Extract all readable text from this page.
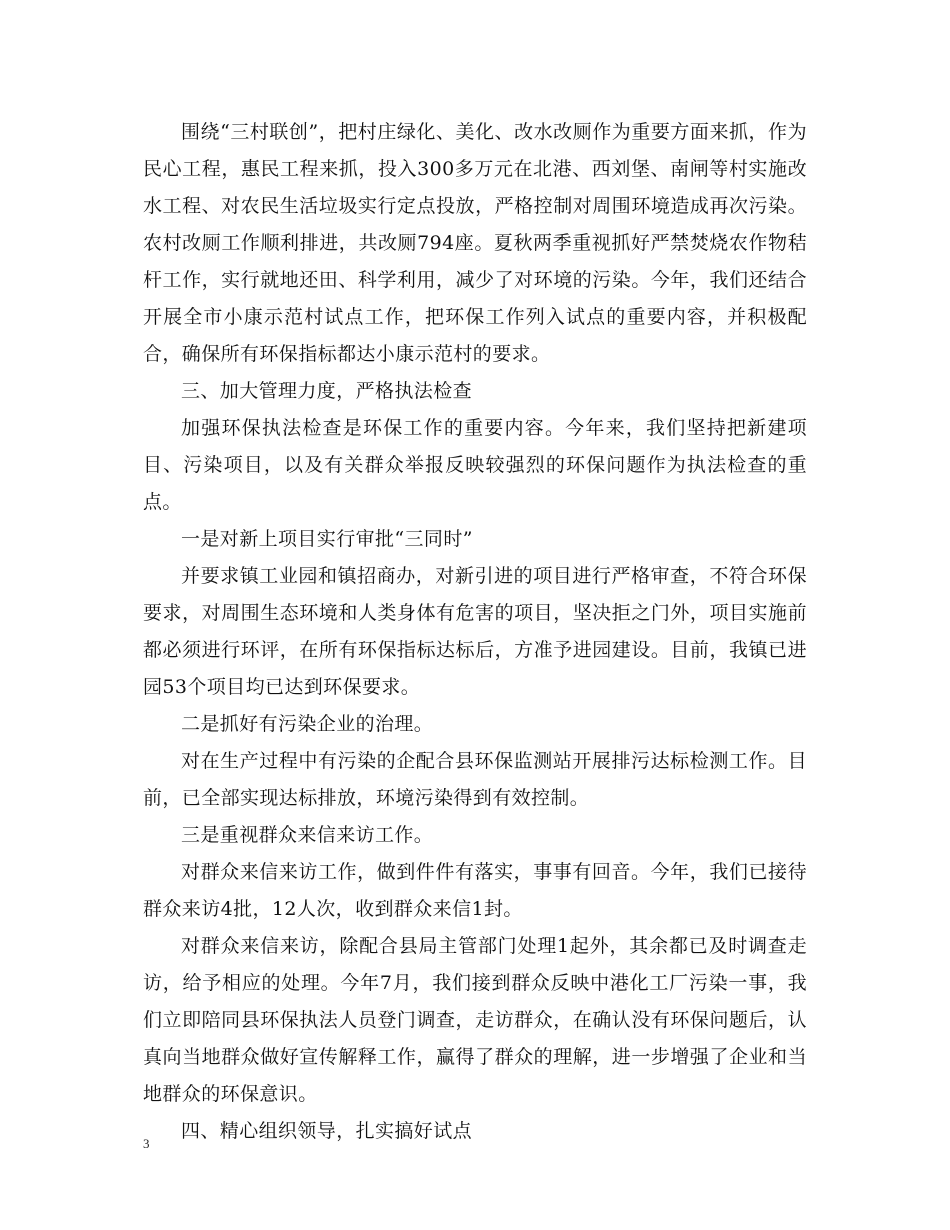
围绕“三村联创”，把村庄绿化、美化、改水改厕作为重要方面来抓，作为民心工程，惠民工程来抓，投入300多万元在北港、西刘堡、南闸等村实施改水工程、对农民生活垃圾实行定点投放，严格控制对周围环境造成再次污染。农村改厕工作顺利排进，共改厕794座。夏秋两季重视抓好严禁焚烧农作物秸杆工作，实行就地还田、科学利用，减少了对环境的污染。今年，我们还结合开展全市小康示范村试点工作，把环保工作列入试点的重要内容，并积极配合，确保所有环保指标都达小康示范村的要求。

三、加大管理力度，严格执法检查

加强环保执法检查是环保工作的重要内容。今年来，我们坚持把新建项目、污染项目，以及有关群众举报反映较强烈的环保问题作为执法检查的重点。

一是对新上项目实行审批“三同时”

并要求镇工业园和镇招商办，对新引进的项目进行严格审查，不符合环保要求，对周围生态环境和人类身体有危害的项目，坚决拒之门外，项目实施前都必须进行环评，在所有环保指标达标后，方准予进园建设。目前，我镇已进园53个项目均已达到环保要求。

二是抓好有污染企业的治理。

对在生产过程中有污染的企配合县环保监测站开展排污达标检测工作。目前，已全部实现达标排放，环境污染得到有效控制。

三是重视群众来信来访工作。

对群众来信来访工作，做到件件有落实，事事有回音。今年，我们已接待群众来访4批，12人次，收到群众来信1封。

对群众来信来访，除配合县局主管部门处理1起外，其余都已及时调查走访，给予相应的处理。今年7月，我们接到群众反映中港化工厂污染一事，我们立即陪同县环保执法人员登门调查，走访群众，在确认没有环保问题后，认真向当地群众做好宣传解释工作，赢得了群众的理解，进一步增强了企业和当地群众的环保意识。

四、精心组织领导，扎实搞好试点

3
